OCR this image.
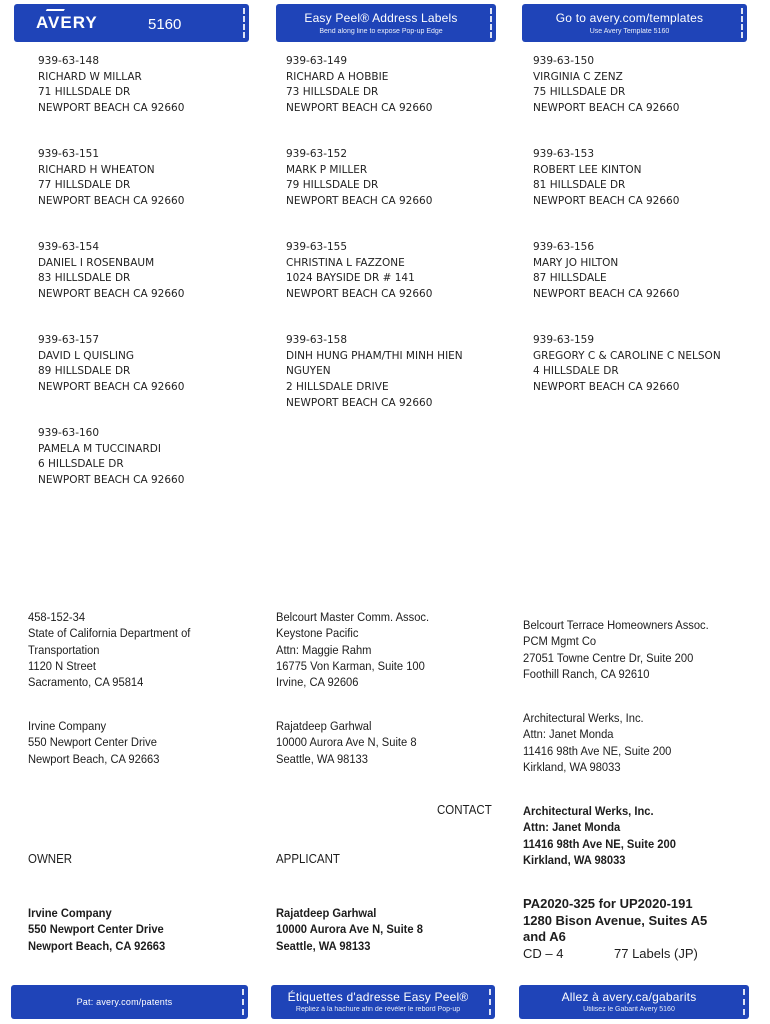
AVERY	5160	Easy Peel® Address Labels
Bend along line to expose Pop-up Edge
Go to avery.com/templates
Use Avery Template 5160
939-63-148
RICHARD W MILLAR
71 HILLSDALE DR
NEWPORT BEACH CA 92660
939-63-149
RICHARD A HOBBIE
73 HILLSDALE DR
NEWPORT BEACH CA 92660
939-63-150
VIRGINIA C ZENZ
75 HILLSDALE DR
NEWPORT BEACH CA 92660
939-63-151
RICHARD H WHEATON
77 HILLSDALE DR
NEWPORT BEACH CA 92660
939-63-152
MARK P MILLER
79 HILLSDALE DR
NEWPORT BEACH CA 92660
939-63-153
ROBERT LEE KINTON
81 HILLSDALE DR
NEWPORT BEACH CA 92660
939-63-154
DANIEL I ROSENBAUM
83 HILLSDALE DR
NEWPORT BEACH CA 92660
939-63-155
CHRISTINA L FAZZONE
1024 BAYSIDE DR # 141
NEWPORT BEACH CA 92660
939-63-156
MARY JO HILTON
87 HILLSDALE
NEWPORT BEACH CA 92660
939-63-157
DAVID L QUISLING
89 HILLSDALE DR
NEWPORT BEACH CA 92660
939-63-158
DINH HUNG PHAM/THI MINH HIEN
NGUYEN
2 HILLSDALE DRIVE
NEWPORT BEACH CA 92660
939-63-159
GREGORY C & CAROLINE C NELSON
4 HILLSDALE DR
NEWPORT BEACH CA 92660
939-63-160
PAMELA M TUCCINARDI
6 HILLSDALE DR
NEWPORT BEACH CA 92660
458-152-34
State of California Department of
Transportation
1120 N Street
Sacramento, CA 95814
Belcourt Master Comm. Assoc.
Keystone Pacific
Attn: Maggie Rahm
16775 Von Karman, Suite 100
Irvine, CA 92606
Belcourt Terrace Homeowners Assoc.
PCM Mgmt Co
27051 Towne Centre Dr, Suite 200
Foothill Ranch, CA 92610
Irvine Company
550 Newport Center Drive
Newport Beach, CA 92663
Rajatdeep Garhwal
10000 Aurora Ave N, Suite 8
Seattle, WA 98133
Architectural Werks, Inc.
Attn: Janet Monda
11416 98th Ave NE, Suite 200
Kirkland, WA 98033
CONTACT	Architectural Werks, Inc.
Attn: Janet Monda
11416 98th Ave NE, Suite 200
Kirkland, WA 98033
OWNER	APPLICANT
Irvine Company
550 Newport Center Drive
Newport Beach, CA 92663
Rajatdeep Garhwal
10000 Aurora Ave N, Suite 8
Seattle, WA 98133
PA2020-325 for UP2020-191
1280 Bison Avenue, Suites A5
and A6
CD – 4	77 Labels (JP)
Pat: avery.com/patents	Étiquettes d'adresse Easy Peel®
Repliez à la hachure afin de révéler le rebord Pop-up
Allez à avery.ca/gabarits
Utilisez le Gabarit Avery 5160
